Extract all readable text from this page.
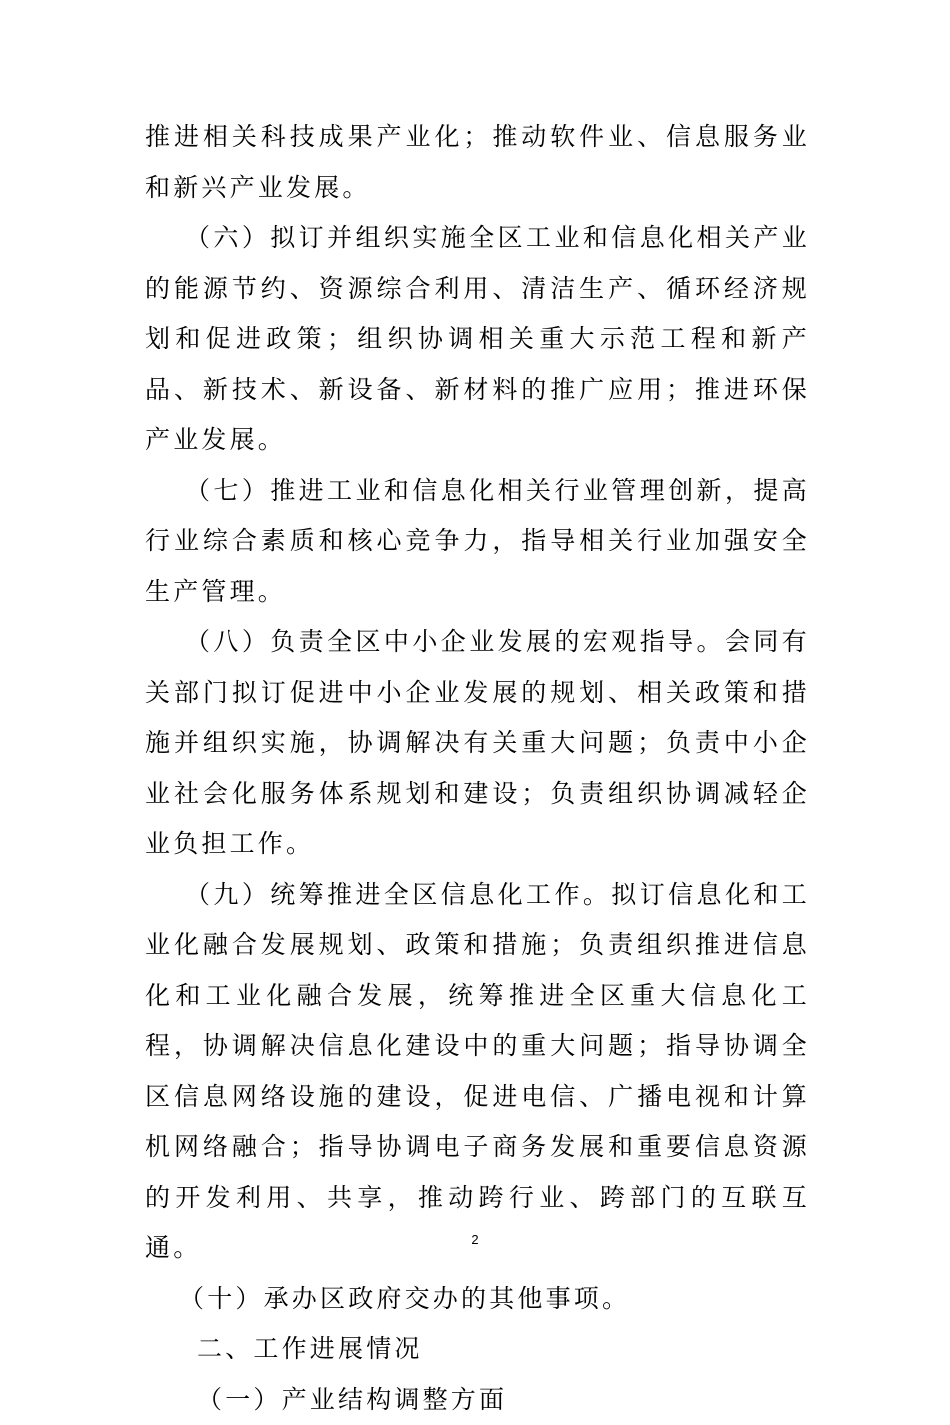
推进相关科技成果产业化；推动软件业、信息服务业和新兴产业发展。

（六）拟订并组织实施全区工业和信息化相关产业的能源节约、资源综合利用、清洁生产、循环经济规划和促进政策；组织协调相关重大示范工程和新产品、新技术、新设备、新材料的推广应用；推进环保产业发展。

（七）推进工业和信息化相关行业管理创新，提高行业综合素质和核心竞争力，指导相关行业加强安全生产管理。

（八）负责全区中小企业发展的宏观指导。会同有关部门拟订促进中小企业发展的规划、相关政策和措施并组织实施，协调解决有关重大问题；负责中小企业社会化服务体系规划和建设；负责组织协调减轻企业负担工作。

（九）统筹推进全区信息化工作。拟订信息化和工业化融合发展规划、政策和措施；负责组织推进信息化和工业化融合发展，统筹推进全区重大信息化工程，协调解决信息化建设中的重大问题；指导协调全区信息网络设施的建设，促进电信、广播电视和计算机网络融合；指导协调电子商务发展和重要信息资源的开发利用、共享，推动跨行业、跨部门的互联互通。

（十）承办区政府交办的其他事项。

二、工作进展情况

（一）产业结构调整方面

2
